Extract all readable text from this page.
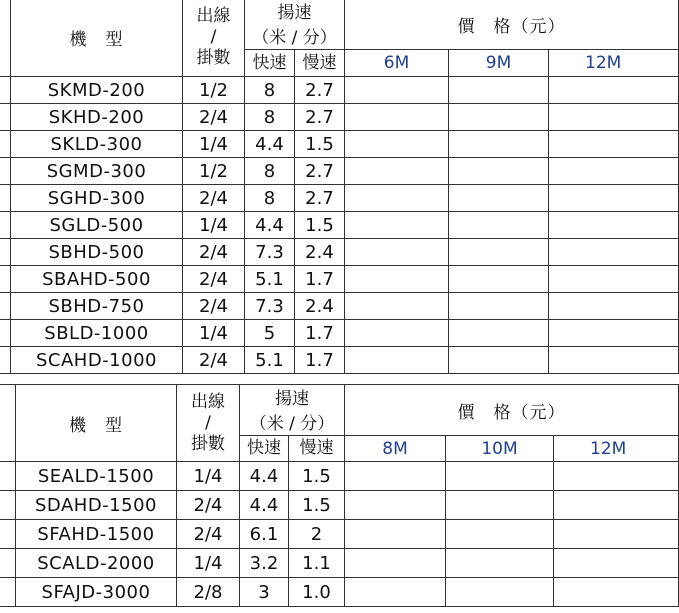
	機　型	出線
/
掛數	揚速		價　格（元）		
			（米 / 分）				
			快速	慢速	6M	9M	12M
	SKMD-200	1/2	8	2.7			
	SKHD-200	2/4	8	2.7			
	SKLD-300	1/4	4.4	1.5			
	SGMD-300	1/2	8	2.7			
	SGHD-300	2/4	8	2.7			
	SGLD-500	1/4	4.4	1.5			
	SBHD-500	2/4	7.3	2.4			
	SBAHD-500	2/4	5.1	1.7			
	SBHD-750	2/4	7.3	2.4			
	SBLD-1000	1/4	5	1.7			
	SCAHD-1000	2/4	5.1	1.7			
	機　型	出線
/
掛數	揚速		價　格（元）		
			（米 / 分）				
			快速	慢速	8M	10M	12M
	SEALD-1500	1/4	4.4	1.5			
	SDAHD-1500	2/4	4.4	1.5			
	SFAHD-1500	2/4	6.1	2			
	SCALD-2000	1/4	3.2	1.1			
	SFAJD-3000	2/8	3	1.0			
